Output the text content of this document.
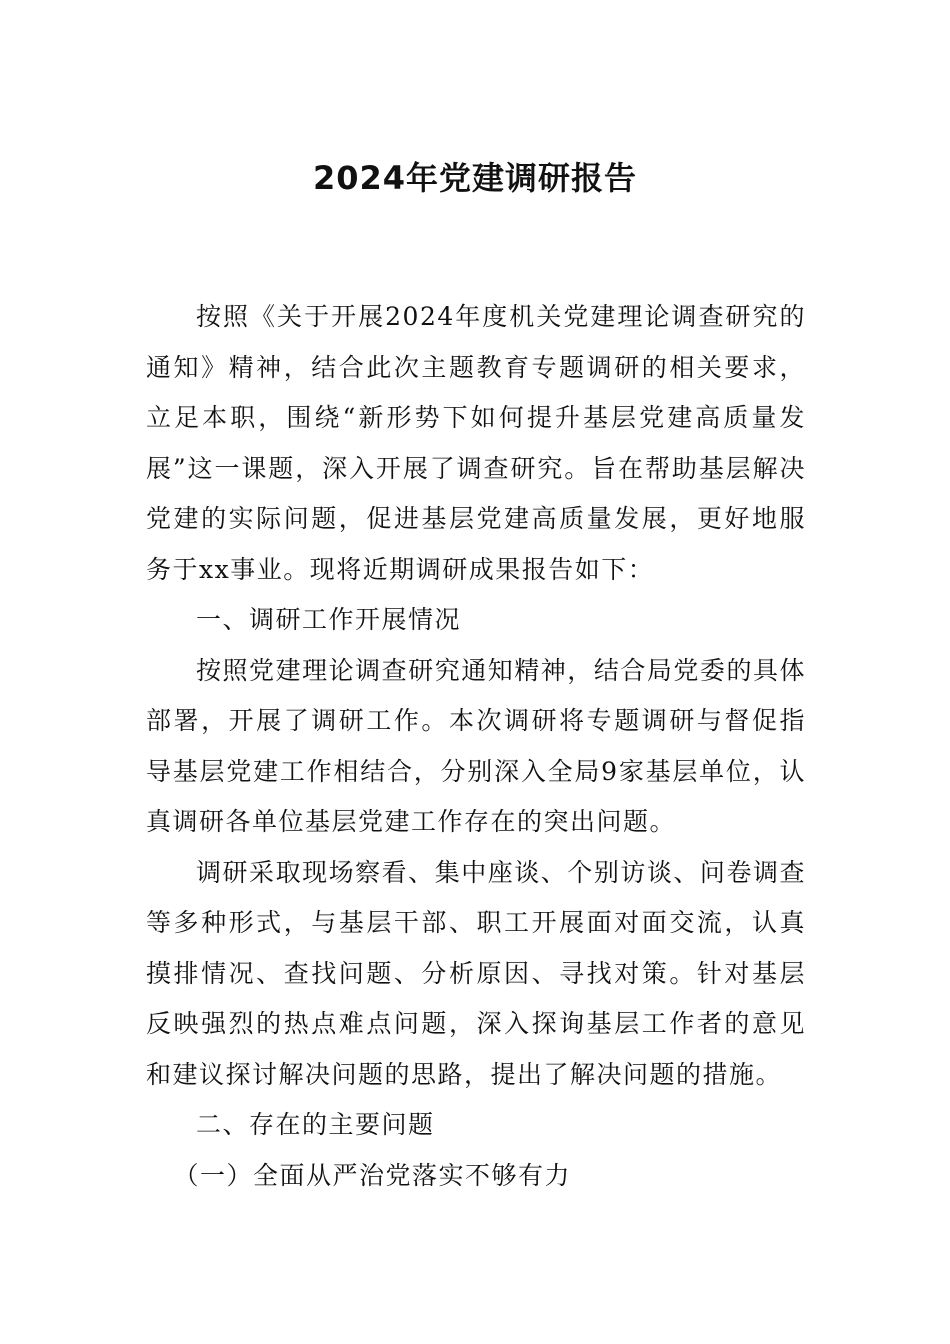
2024年党建调研报告

按照《关于开展2024年度机关党建理论调查研究的通知》精神，结合此次主题教育专题调研的相关要求，立足本职，围绕“新形势下如何提升基层党建高质量发展”这一课题，深入开展了调查研究。旨在帮助基层解决党建的实际问题，促进基层党建高质量发展，更好地服务于xx事业。现将近期调研成果报告如下：

一、调研工作开展情况

按照党建理论调查研究通知精神，结合局党委的具体部署，开展了调研工作。本次调研将专题调研与督促指导基层党建工作相结合，分别深入全局9家基层单位，认真调研各单位基层党建工作存在的突出问题。

调研采取现场察看、集中座谈、个别访谈、问卷调查等多种形式，与基层干部、职工开展面对面交流，认真摸排情况、查找问题、分析原因、寻找对策。针对基层反映强烈的热点难点问题，深入探询基层工作者的意见和建议探讨解决问题的思路，提出了解决问题的措施。

二、存在的主要问题

（一）全面从严治党落实不够有力
